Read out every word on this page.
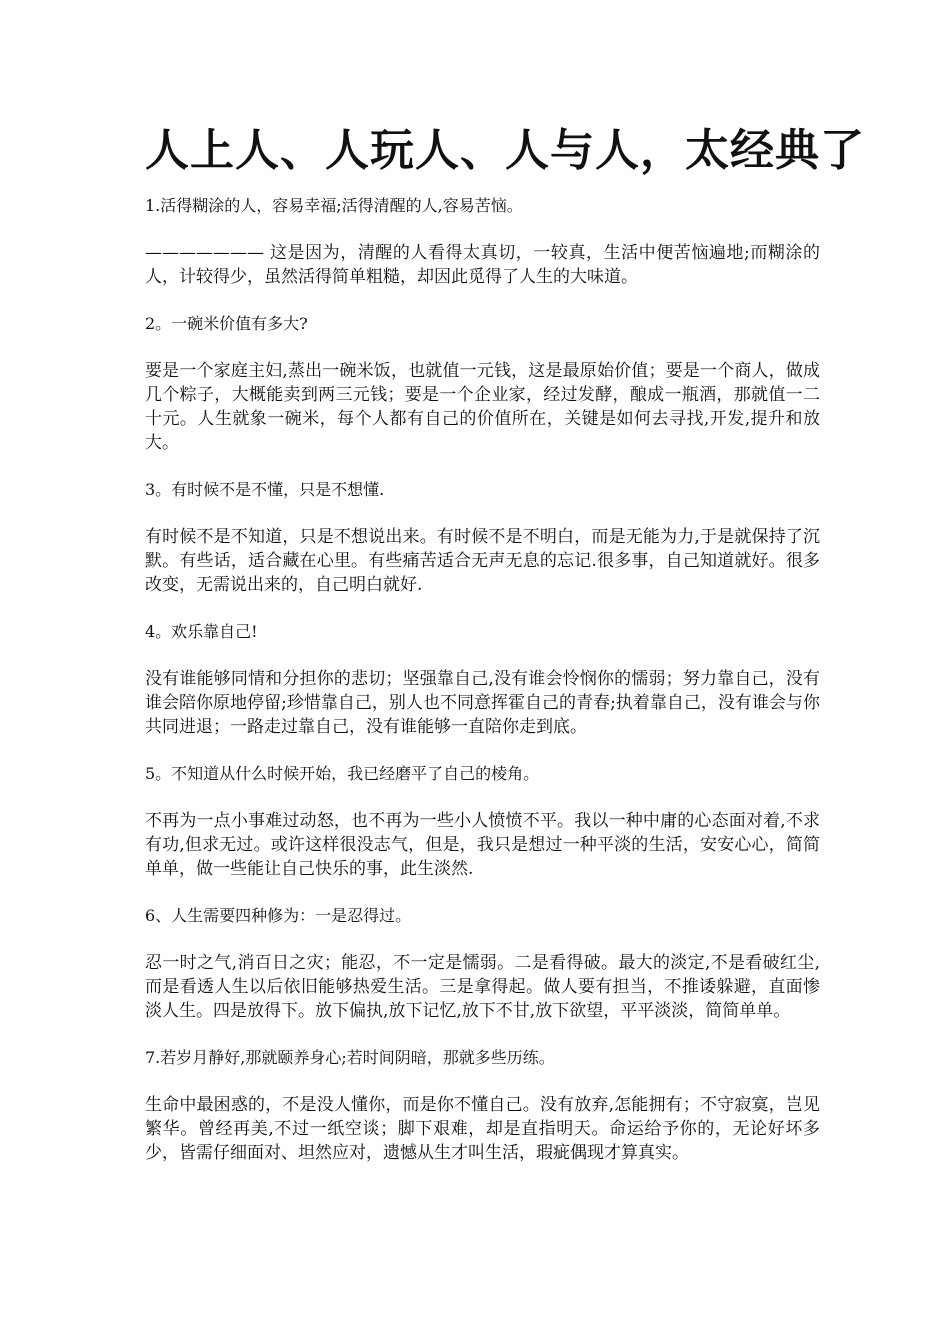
人上人、人玩人、人与人，太经典了

1.活得糊涂的人，容易幸福;活得清醒的人,容易苦恼。

——————— 这是因为，清醒的人看得太真切，一较真，生活中便苦恼遍地;而糊涂的人，计较得少，虽然活得简单粗糙，却因此觅得了人生的大味道。

2。一碗米价值有多大?

要是一个家庭主妇,蒸出一碗米饭，也就值一元钱，这是最原始价值；要是一个商人，做成几个粽子，大概能卖到两三元钱；要是一个企业家，经过发酵，酿成一瓶酒，那就值一二十元。人生就象一碗米，每个人都有自己的价值所在，关键是如何去寻找,开发,提升和放大。

3。有时候不是不懂，只是不想懂.

有时候不是不知道，只是不想说出来。有时候不是不明白，而是无能为力,于是就保持了沉默。有些话，适合藏在心里。有些痛苦适合无声无息的忘记.很多事，自己知道就好。很多改变，无需说出来的，自己明白就好.

4。欢乐靠自己!

没有谁能够同情和分担你的悲切；坚强靠自己,没有谁会怜悯你的懦弱；努力靠自己，没有谁会陪你原地停留;珍惜靠自己，别人也不同意挥霍自己的青春;执着靠自己，没有谁会与你共同进退；一路走过靠自己，没有谁能够一直陪你走到底。

5。不知道从什么时候开始，我已经磨平了自己的棱角。

不再为一点小事难过动怒，也不再为一些小人愤愤不平。我以一种中庸的心态面对着,不求有功,但求无过。或许这样很没志气，但是，我只是想过一种平淡的生活，安安心心，简简单单，做一些能让自己快乐的事，此生淡然.

6、人生需要四种修为：一是忍得过。

忍一时之气,消百日之灾；能忍，不一定是懦弱。二是看得破。最大的淡定,不是看破红尘,而是看透人生以后依旧能够热爱生活。三是拿得起。做人要有担当，不推诿躲避，直面惨淡人生。四是放得下。放下偏执,放下记忆,放下不甘,放下欲望，平平淡淡，简简单单。

7.若岁月静好,那就颐养身心;若时间阴暗，那就多些历练。

生命中最困惑的，不是没人懂你，而是你不懂自己。没有放弃,怎能拥有；不守寂寞，岂见繁华。曾经再美,不过一纸空谈；脚下艰难，却是直指明天。命运给予你的，无论好坏多少，皆需仔细面对、坦然应对，遗憾从生才叫生活，瑕疵偶现才算真实。
